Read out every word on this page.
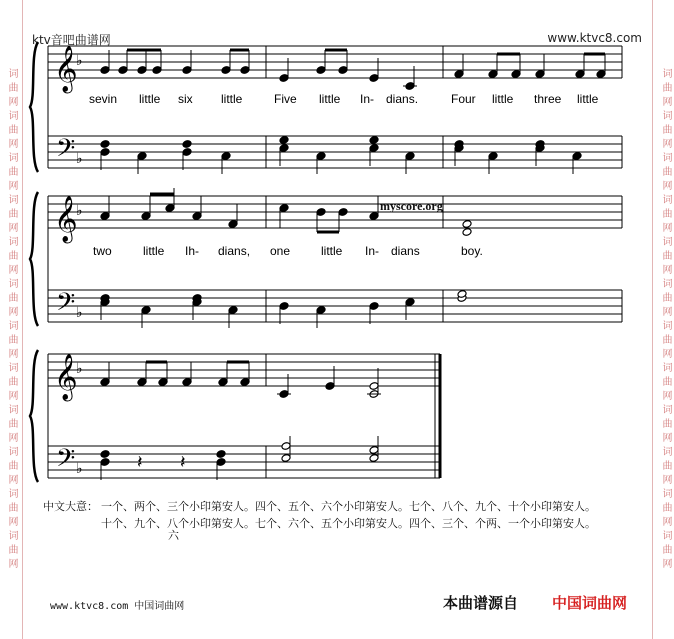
词曲网词曲网词曲网词曲网词曲网词曲网词曲网词曲网词曲网词曲网词曲网词曲网	词曲网词曲网词曲网词曲网词曲网词曲网词曲网词曲网词曲网词曲网词曲网词曲网
ktv音吧曲谱网	www.ktvc8.com
𝄞
𝄢
♭
♭
𝄞
𝄢
♭
♭
𝄞
𝄢
♭
♭	𝄽 𝄽
sevin little six little	Five little In- dians.	Four little three little
two	little Ih- dians, one	little In- dians	boy.
myscore.org
中文大意： 一个、两个、三个小印第安人。四个、五个、六个小印第安人。七个、八个、九个、十个小印第安人。
十个、九个、八个小印第安人。七个、六个、五个小印第安人。四个、三个、个两、一个小印第安人。
六
www.ktvc8.com 中国词曲网	本曲谱源自 中国词曲网
